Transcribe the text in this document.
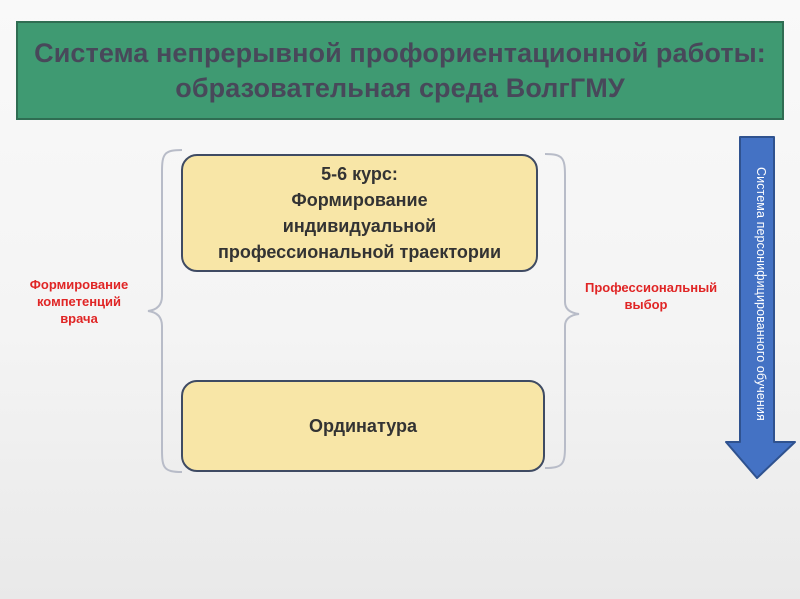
Система непрерывной профориентационной работы:
образовательная среда ВолгГМУ
Формирование
компетенций
врача
Профессиональный
выбор
5-6 курс:
Формирование
индивидуальной
профессиональной траектории
Ординатура
Система персонифицированного обучения
